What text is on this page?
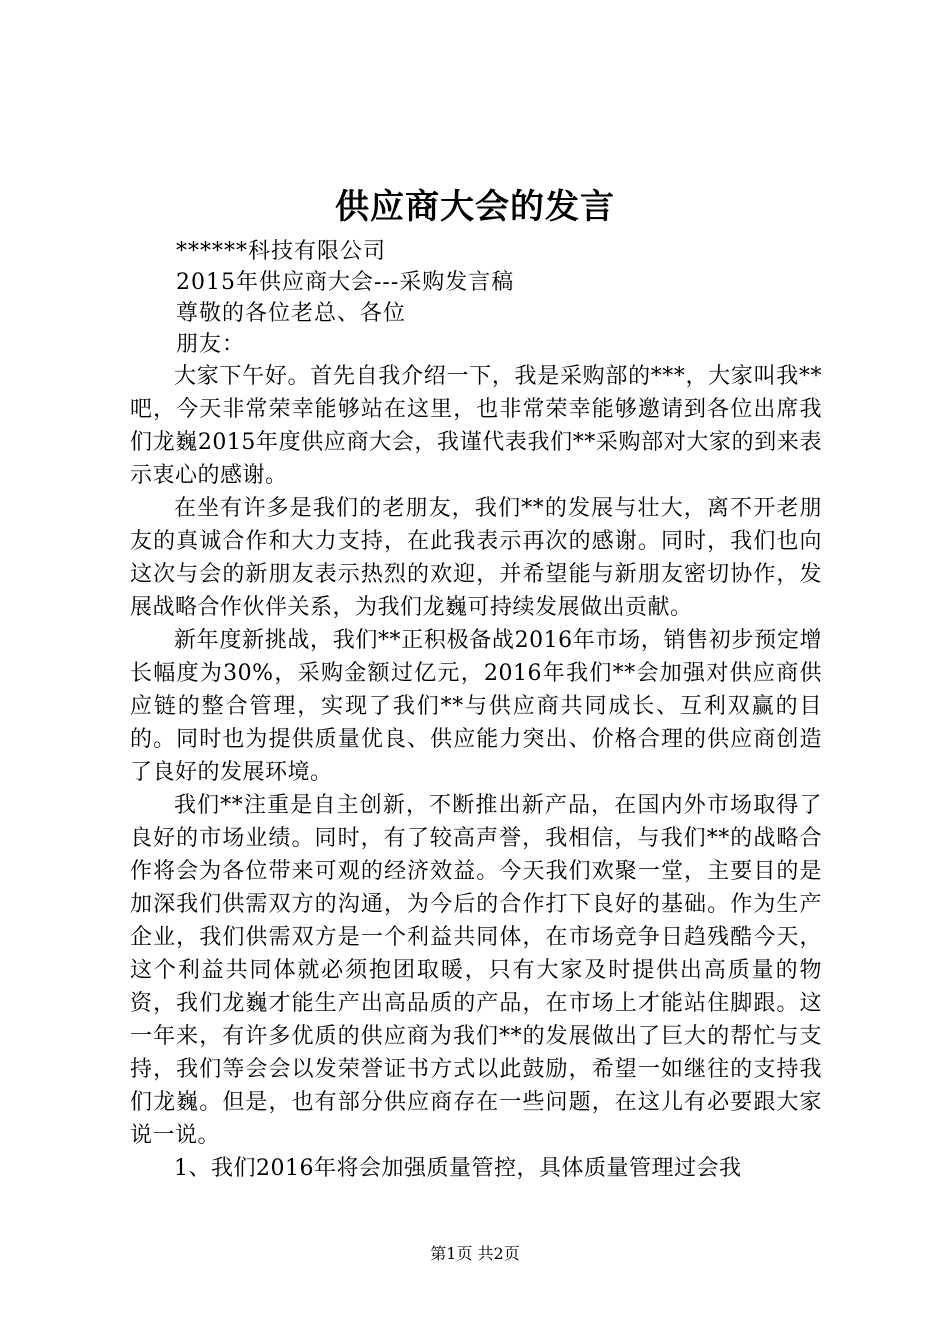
供应商大会的发言
******科技有限公司
2015年供应商大会---采购发言稿
尊敬的各位老总、各位
朋友：

大家下午好。首先自我介绍一下，我是采购部的***，大家叫我**吧，今天非常荣幸能够站在这里，也非常荣幸能够邀请到各位出席我们龙巍2015年度供应商大会，我谨代表我们**采购部对大家的到来表示衷心的感谢。

在坐有许多是我们的老朋友，我们**的发展与壮大，离不开老朋友的真诚合作和大力支持，在此我表示再次的感谢。同时，我们也向这次与会的新朋友表示热烈的欢迎，并希望能与新朋友密切协作，发展战略合作伙伴关系，为我们龙巍可持续发展做出贡献。

新年度新挑战，我们**正积极备战2016年市场，销售初步预定增长幅度为30%，采购金额过亿元，2016年我们**会加强对供应商供应链的整合管理，实现了我们**与供应商共同成长、互利双赢的目的。同时也为提供质量优良、供应能力突出、价格合理的供应商创造了良好的发展环境。

我们**注重是自主创新，不断推出新产品，在国内外市场取得了良好的市场业绩。同时，有了较高声誉，我相信，与我们**的战略合作将会为各位带来可观的经济效益。今天我们欢聚一堂，主要目的是加深我们供需双方的沟通，为今后的合作打下良好的基础。作为生产企业，我们供需双方是一个利益共同体，在市场竞争日趋残酷今天，这个利益共同体就必须抱团取暖，只有大家及时提供出高质量的物资，我们龙巍才能生产出高品质的产品，在市场上才能站住脚跟。这一年来，有许多优质的供应商为我们**的发展做出了巨大的帮忙与支持，我们等会会以发荣誉证书方式以此鼓励，希望一如继往的支持我们龙巍。但是，也有部分供应商存在一些问题，在这儿有必要跟大家说一说。

1、我们2016年将会加强质量管控，具体质量管理过会我

第1页 共2页
